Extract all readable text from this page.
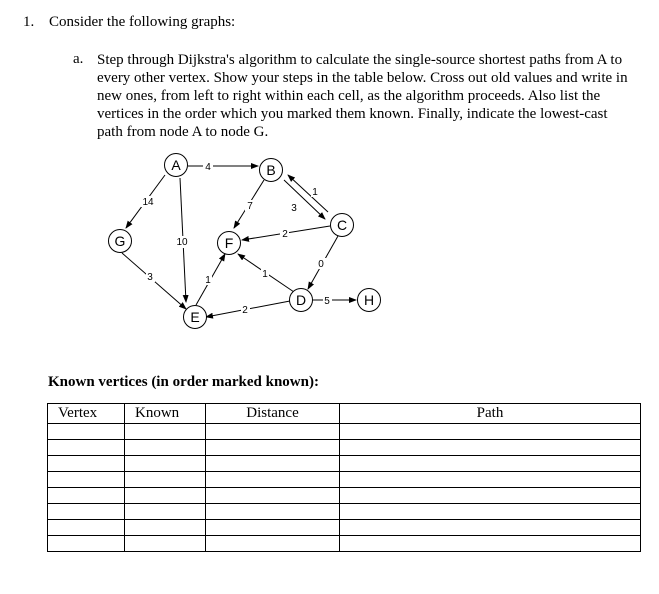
1. Consider the following graphs:
a. Step through Dijkstra's algorithm to calculate the single-source shortest paths from A to
every other vertex. Show your steps in the table below. Cross out old values and write in
new ones, from left to right within each cell, as the algorithm proceeds. Also list the
vertices in the order which you marked them known. Finally, indicate the lowest-cast
path from node A to node G.
4
1
3
7
2
14
10
3	1
1
0
2
5
A	B
C
D
E
F
G
H
Known vertices (in order marked known):
Vertex	Known	Distance	Path
